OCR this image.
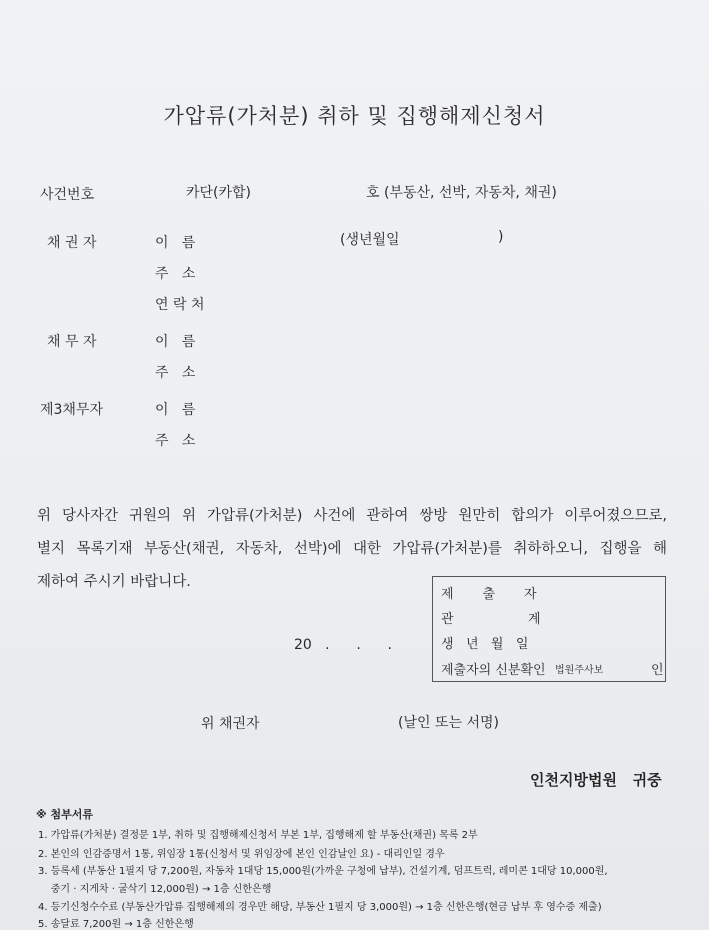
가압류(가처분) 취하 및 집행해제신청서
사건번호	카단(카합)	호 (부동산, 선박, 자동차, 채권)
채 권 자	이   름	(생년월일	)
주   소
연 락 처
채 무 자	이   름
주   소
제3채무자	이   름
주   소
위 당사자간 귀원의 위 가압류(가처분) 사건에 관하여 쌍방 원만히 합의가 이루어졌으므로,
별지 목록기재 부동산(채권, 자동차, 선박)에 대한 가압류(가처분)를 취하하오니, 집행을 해
제하여 주시기 바랍니다.
20   .      .      .
제       출       자
관                  계
생   년   월   일
제출자의 신분확인 법원주사보	인
위 채권자	(날인 또는 서명)
인천지방법원   귀중
※ 첨부서류
1. 가압류(가처분) 결정문 1부, 취하 및 집행해제신청서 부본 1부, 집행해제 할 부동산(채권) 목록 2부
2. 본인의 인감증명서 1통, 위임장 1통(신청서 및 위임장에 본인 인감날인 요) - 대리인일 경우
3. 등록세 (부동산 1필지 당 7,200원, 자동차 1대당 15,000원(가까운 구청에 납부), 건설기계, 덤프트럭, 레미콘 1대당 10,000원,
중기 · 지게차 · 굴삭기 12,000원) → 1층 신한은행
4. 등기신청수수료 (부동산가압류 집행해제의 경우만 해당, 부동산 1필지 당 3,000원) → 1층 신한은행(현금 납부 후 영수증 제출)
5. 송달료 7,200원 → 1층 신한은행
